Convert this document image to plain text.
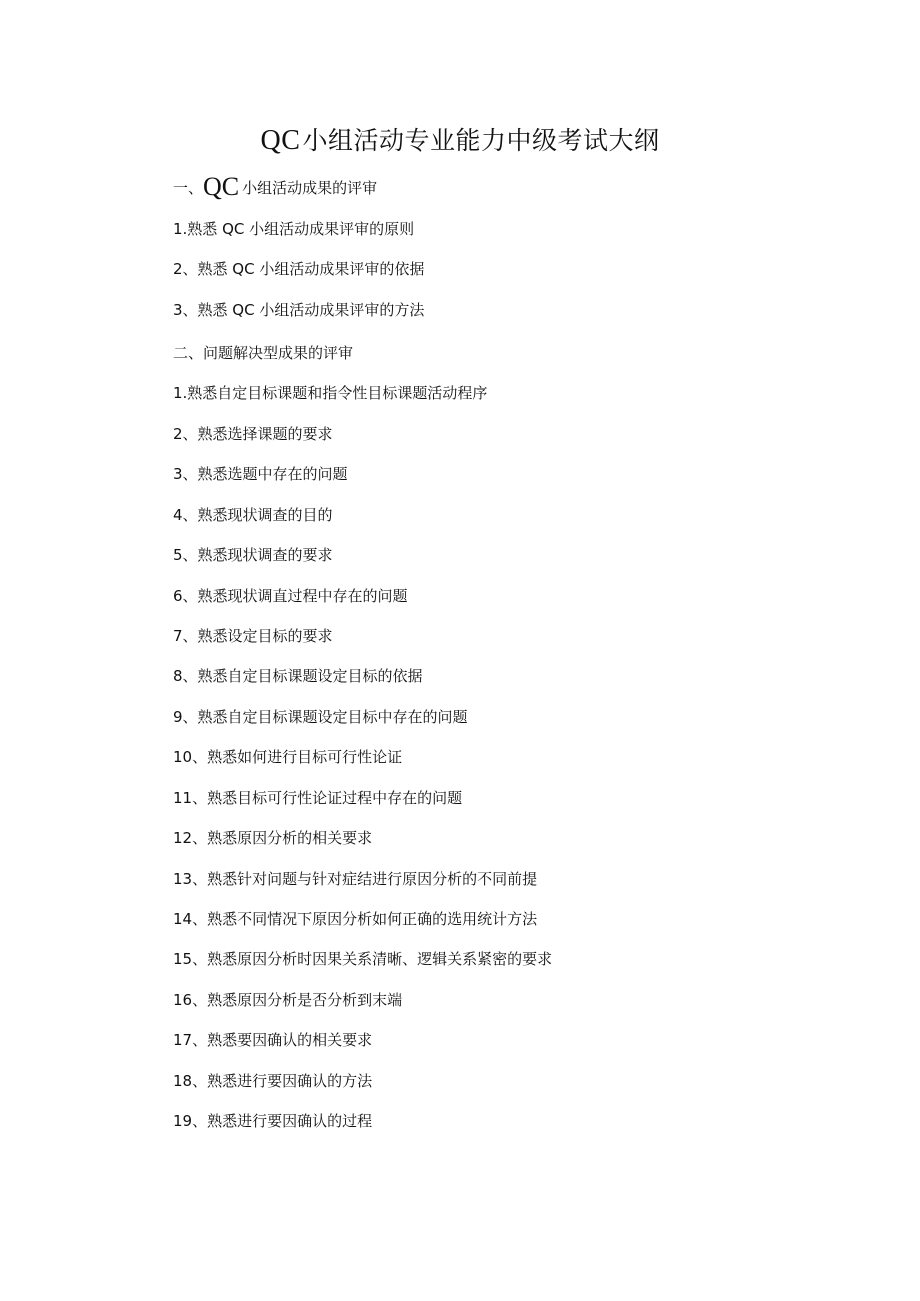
QC小组活动专业能力中级考试大纲
一、QC 小组活动成果的评审
1.熟悉 QC 小组活动成果评审的原则
2、熟悉 QC 小组活动成果评审的依据
3、熟悉 QC 小组活动成果评审的方法
二、问题解决型成果的评审
1.熟悉自定目标课题和指令性目标课题活动程序
2、熟悉选择课题的要求
3、熟悉选题中存在的问题
4、熟悉现状调查的目的
5、熟悉现状调查的要求
6、熟悉现状调直过程中存在的问题
7、熟悉设定目标的要求
8、熟悉自定目标课题设定目标的依据
9、熟悉自定目标课题设定目标中存在的问题
10、熟悉如何进行目标可行性论证
11、熟悉目标可行性论证过程中存在的问题
12、熟悉原因分析的相关要求
13、熟悉针对问题与针对症结进行原因分析的不同前提
14、熟悉不同情况下原因分析如何正确的选用统计方法
15、熟悉原因分析时因果关系清晰、逻辑关系紧密的要求
16、熟悉原因分析是否分析到末端
17、熟悉要因确认的相关要求
18、熟悉进行要因确认的方法
19、熟悉进行要因确认的过程
